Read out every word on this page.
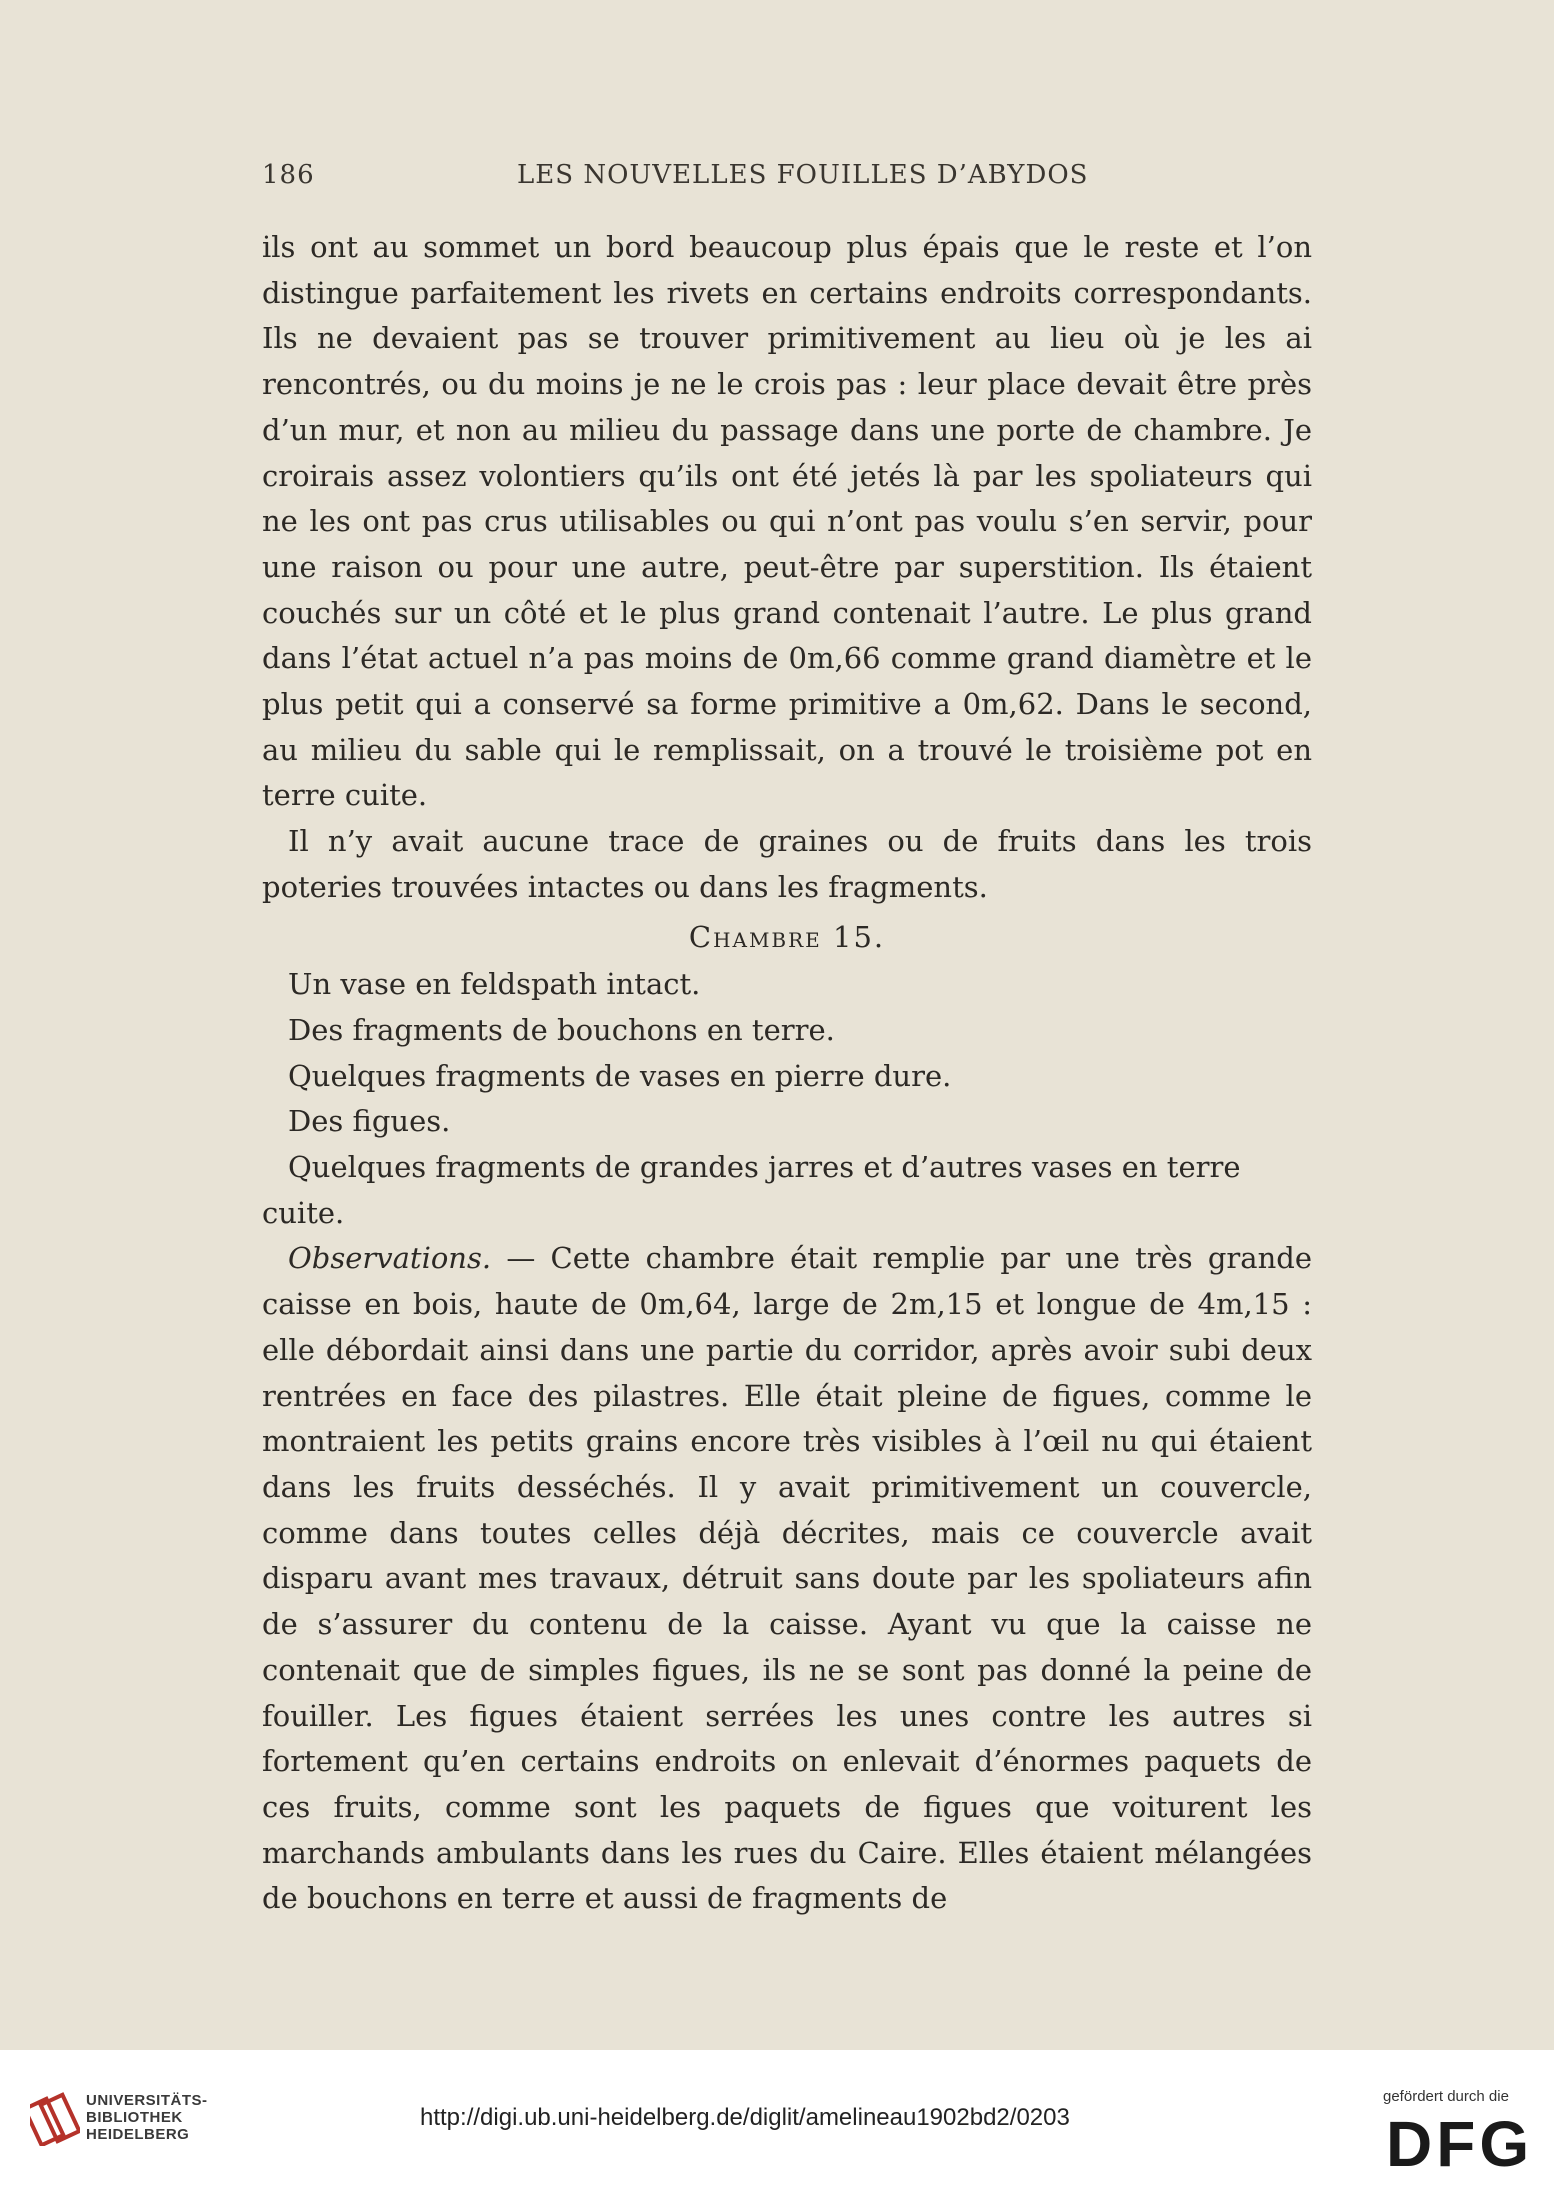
186	LES NOUVELLES FOUILLES D’ABYDOS

ils ont au sommet un bord beaucoup plus épais que le reste et l’on distingue parfaitement les rivets en certains endroits correspondants. Ils ne devaient pas se trouver primitivement au lieu où je les ai rencontrés, ou du moins je ne le crois pas : leur place devait être près d’un mur, et non au milieu du passage dans une porte de chambre. Je croirais assez volontiers qu’ils ont été jetés là par les spoliateurs qui ne les ont pas crus utilisables ou qui n’ont pas voulu s’en servir, pour une raison ou pour une autre, peut-être par superstition. Ils étaient couchés sur un côté et le plus grand contenait l’autre. Le plus grand dans l’état actuel n’a pas moins de 0m,66 comme grand diamètre et le plus petit qui a conservé sa forme primitive a 0m,62. Dans le second, au milieu du sable qui le remplissait, on a trouvé le troisième pot en terre cuite.

Il n’y avait aucune trace de graines ou de fruits dans les trois poteries trouvées intactes ou dans les fragments.

Chambre 15.

Un vase en feldspath intact.

Des fragments de bouchons en terre.

Quelques fragments de vases en pierre dure.

Des figues.

Quelques fragments de grandes jarres et d’autres vases en terre cuite.

Observations. — Cette chambre était remplie par une très grande caisse en bois, haute de 0m,64, large de 2m,15 et longue de 4m,15 : elle débordait ainsi dans une partie du corridor, après avoir subi deux rentrées en face des pilastres. Elle était pleine de figues, comme le montraient les petits grains encore très visibles à l’œil nu qui étaient dans les fruits desséchés. Il y avait primitivement un couvercle, comme dans toutes celles déjà décrites, mais ce couvercle avait disparu avant mes travaux, détruit sans doute par les spoliateurs afin de s’assurer du contenu de la caisse. Ayant vu que la caisse ne contenait que de simples figues, ils ne se sont pas donné la peine de fouiller. Les figues étaient serrées les unes contre les autres si fortement qu’en certains endroits on enlevait d’énormes paquets de ces fruits, comme sont les paquets de figues que voiturent les marchands ambulants dans les rues du Caire. Elles étaient mélangées de bouchons en terre et aussi de fragments de

UNIVERSITÄTS-
BIBLIOTHEK
HEIDELBERG
http://digi.ub.uni-heidelberg.de/diglit/amelineau1902bd2/0203
gefördert durch die
DFG
